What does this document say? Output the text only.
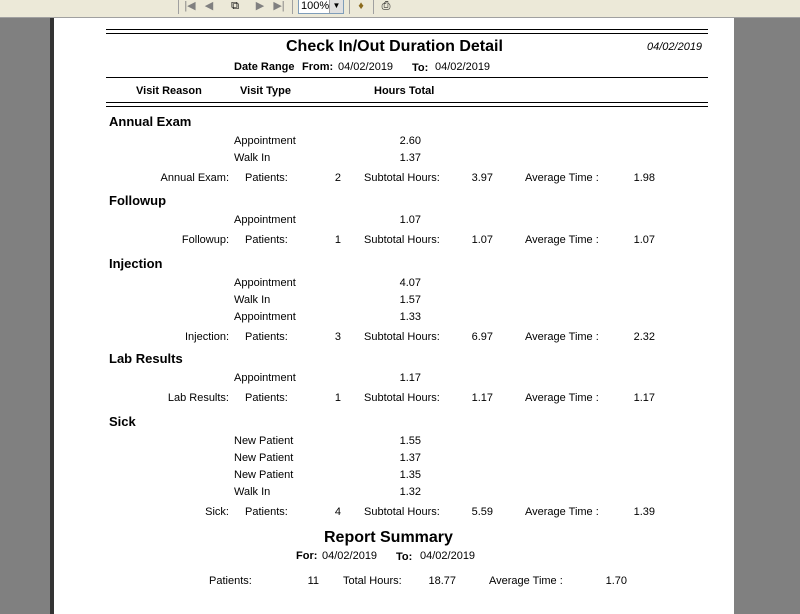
|◀ ◀	⧉	▶ ▶| 100% ▼	♦	⎙
Check In/Out Duration Detail	04/02/2019
Date Range From: 04/02/2019 To: 04/02/2019
Visit Reason	Visit Type	Hours Total
Annual Exam
Appointment	2.60
Walk In	1.37
Annual Exam: Patients:	2 Subtotal Hours:	3.97	Average Time :	1.98
Followup
Appointment	1.07
Followup: Patients:	1 Subtotal Hours:	1.07	Average Time :	1.07
Injection
Appointment	4.07
Walk In	1.57
Appointment	1.33
Injection: Patients:	3 Subtotal Hours:	6.97	Average Time :	2.32
Lab Results
Appointment	1.17
Lab Results: Patients:	1 Subtotal Hours:	1.17	Average Time :	1.17
Sick
New Patient	1.55
New Patient	1.37
New Patient	1.35
Walk In	1.32
Sick: Patients:	4 Subtotal Hours:	5.59	Average Time :	1.39
Report Summary
For: 04/02/2019 To: 04/02/2019
Patients:	11 Total Hours:	18.77	Average Time :	1.70
